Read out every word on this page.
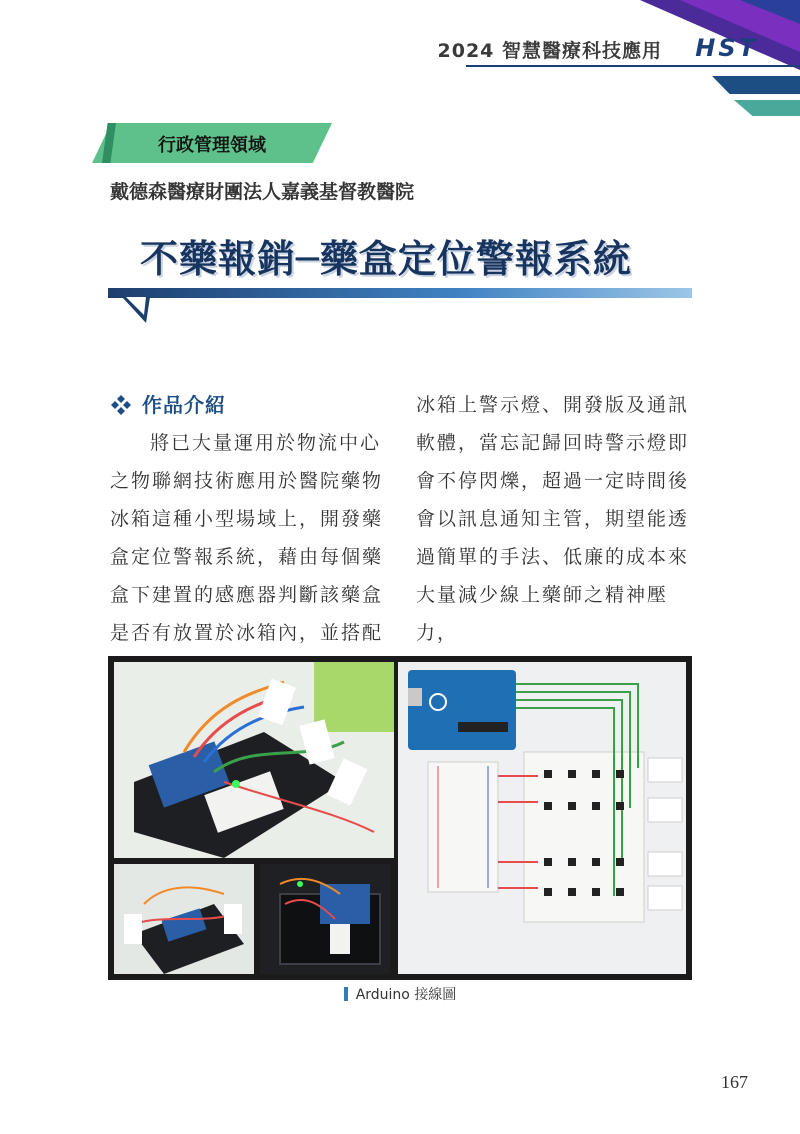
2024 智慧醫療科技應用 HST
行政管理領域
戴德森醫療財團法人嘉義基督教醫院
不藥報銷─藥盒定位警報系統
作品介紹

將已大量運用於物流中心

之物聯網技術應用於醫院藥物

冰箱這種小型場域上，開發藥

盒定位警報系統，藉由每個藥

盒下建置的感應器判斷該藥盒

是否有放置於冰箱內，並搭配

冰箱上警示燈、開發版及通訊

軟體，當忘記歸回時警示燈即

會不停閃爍，超過一定時間後

會以訊息通知主管，期望能透

過簡單的手法、低廉的成本來

大量減少線上藥師之精神壓力，

Arduino 接線圖
167
